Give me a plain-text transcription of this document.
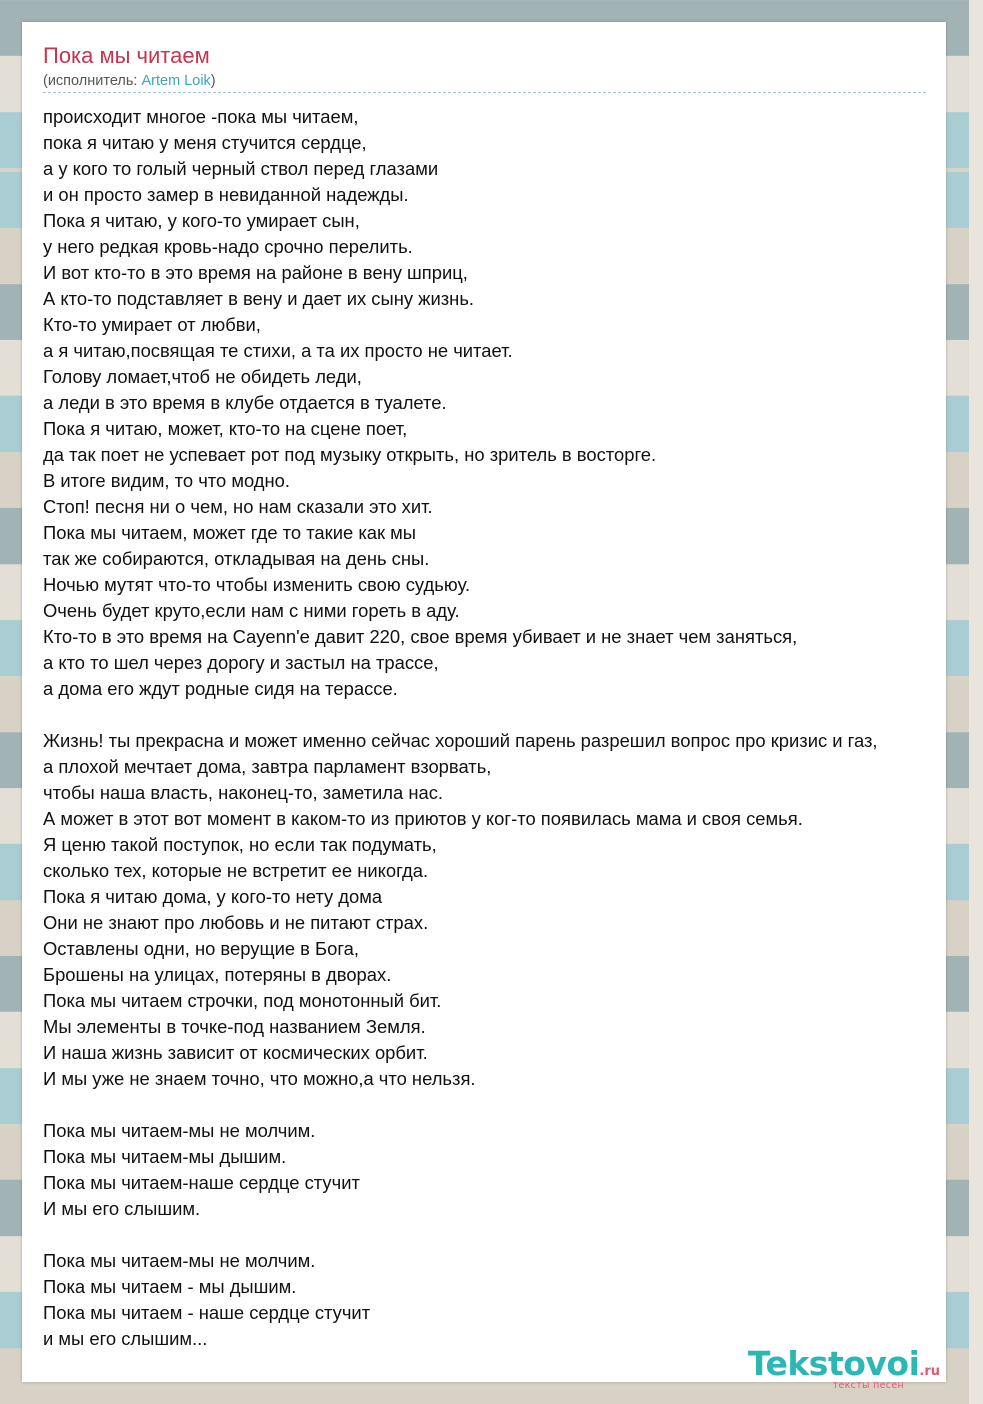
Пока мы читаем
(исполнитель: Artem Loik)
происходит многое -пока мы читаем,
пока я читаю у меня стучится сердце,
а у кого то голый черный ствол перед глазами
и он просто замер в невиданной надежды.
Пока я читаю, у кого-то умирает сын,
у него редкая кровь-надо срочно перелить.
И вот кто-то в это время на районе в вену шприц,
А кто-то подставляет в вену и дает их сыну жизнь.
Кто-то умирает от любви,
а я читаю,посвящая те стихи, а та их просто не читает.
Голову ломает,чтоб не обидеть леди,
а леди в это время в клубе отдается в туалете.
Пока я читаю, может, кто-то на сцене поет,
да так поет не успевает рот под музыку открыть, но зритель в восторге.
В итоге видим, то что модно.
Стоп! песня ни о чем, но нам сказали это хит.
Пока мы читаем, может где то такие как мы
так же собираются, откладывая на день сны.
Ночью мутят что-то чтобы изменить свою судьюу.
Очень будет круто,если нам с ними гореть в аду.
Кто-то в это время на Cayenn'e давит 220, свое время убивает и не знает чем заняться,
а кто то шел через дорогу и застыл на трассе,
а дома его ждут родные сидя на терассе.
Жизнь! ты прекрасна и может именно сейчас хороший парень разрешил вопрос про кризис и газ,
а плохой мечтает дома, завтра парламент взорвать,
чтобы наша власть, наконец-то, заметила нас.
А может в этот вот момент в каком-то из приютов у ког-то появилась мама и своя семья.
Я ценю такой поступок, но если так подумать,
сколько тех, которые не встретит ее никогда.
Пока я читаю дома, у кого-то нету дома
Они не знают про любовь и не питают страх.
Оставлены одни, но верущие в Бога,
Брошены на улицах, потеряны в дворах.
Пока мы читаем строчки, под монотонный бит.
Мы элементы в точке-под названием Земля.
И наша жизнь зависит от космических орбит.
И мы уже не знаем точно, что можно,а что нельзя.
Пока мы читаем-мы не молчим.
Пока мы читаем-мы дышим.
Пока мы читаем-наше сердце стучит
И мы его слышим.
Пока мы читаем-мы не молчим.
Пока мы читаем - мы дышим.
Пока мы читаем - наше сердце стучит
и мы его слышим...
Tekstovoi.ru
тексты песен
